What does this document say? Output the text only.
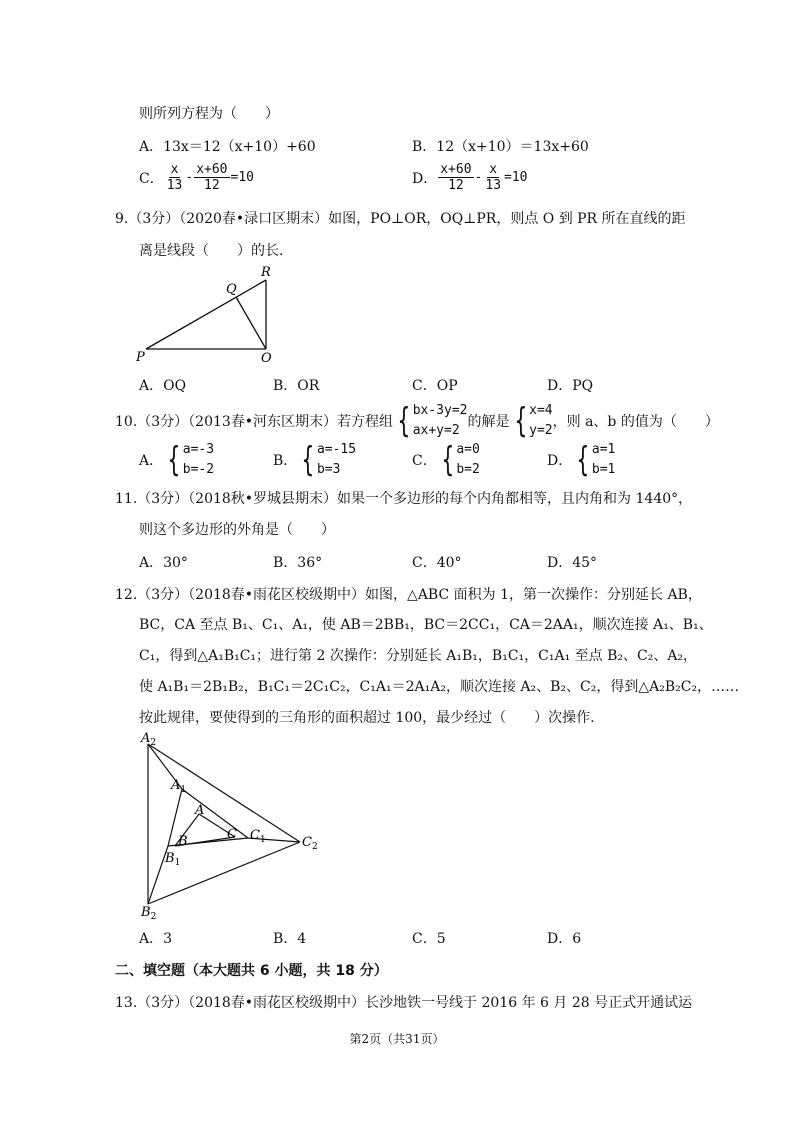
则所列方程为（　　）
A．13x＝12（x+10）+60	B．12（x+10）＝13x+60
C． $\frac{x}{13} - \frac{x+60}{12} =10$	D． $\frac{x+60}{12} - \frac{x}{13} =10$
9.（3分）（2020春•渌口区期末）如图，PO⊥OR，OQ⊥PR，则点 O 到 PR 所在直线的距
离是线段（　　）的长.
R
Q
P	O
A．OQ	B．OR	C．OP	D．PQ
10.（3分）（2013春•河东区期末）若方程组 { bx-3y=2
ax+y=2
的解是 { x=4
y=2
，则 a、b 的值为（　　）
A． { a=-3
b=-2
B． { a=-15
b=3
C． { a=0
b=2
D． { a=1
b=1
11.（3分）（2018秋•罗城县期末）如果一个多边形的每个内角都相等，且内角和为 1440°，
则这个多边形的外角是（　　）
A．30°	B．36°	C．40°	D．45°
12.（3分）（2018春•雨花区校级期中）如图，△ABC 面积为 1，第一次操作：分别延长 AB，
BC，CA 至点 B₁、C₁、A₁，使 AB＝2BB₁，BC＝2CC₁，CA＝2AA₁，顺次连接 A₁、B₁、
C₁，得到△A₁B₁C₁；进行第 2 次操作：分别延长 A₁B₁，B₁C₁，C₁A₁ 至点 B₂、C₂、A₂，
使 A₁B₁＝2B₁B₂，B₁C₁＝2C₁C₂，C₁A₁＝2A₁A₂，顺次连接 A₂、B₂、C₂，得到△A₂B₂C₂，……
按此规律，要使得到的三角形的面积超过 100，最少经过（　　）次操作.
$A_2$
$A_1$
A
B	C $C_1$	$C_2$
$B_1$
$B_2$
A．3	B．4	C．5	D．6
二、填空题（本大题共 6 小题，共 18 分）
13.（3分）（2018春•雨花区校级期中）长沙地铁一号线于 2016 年 6 月 28 号正式开通试运
第2页（共31页）
